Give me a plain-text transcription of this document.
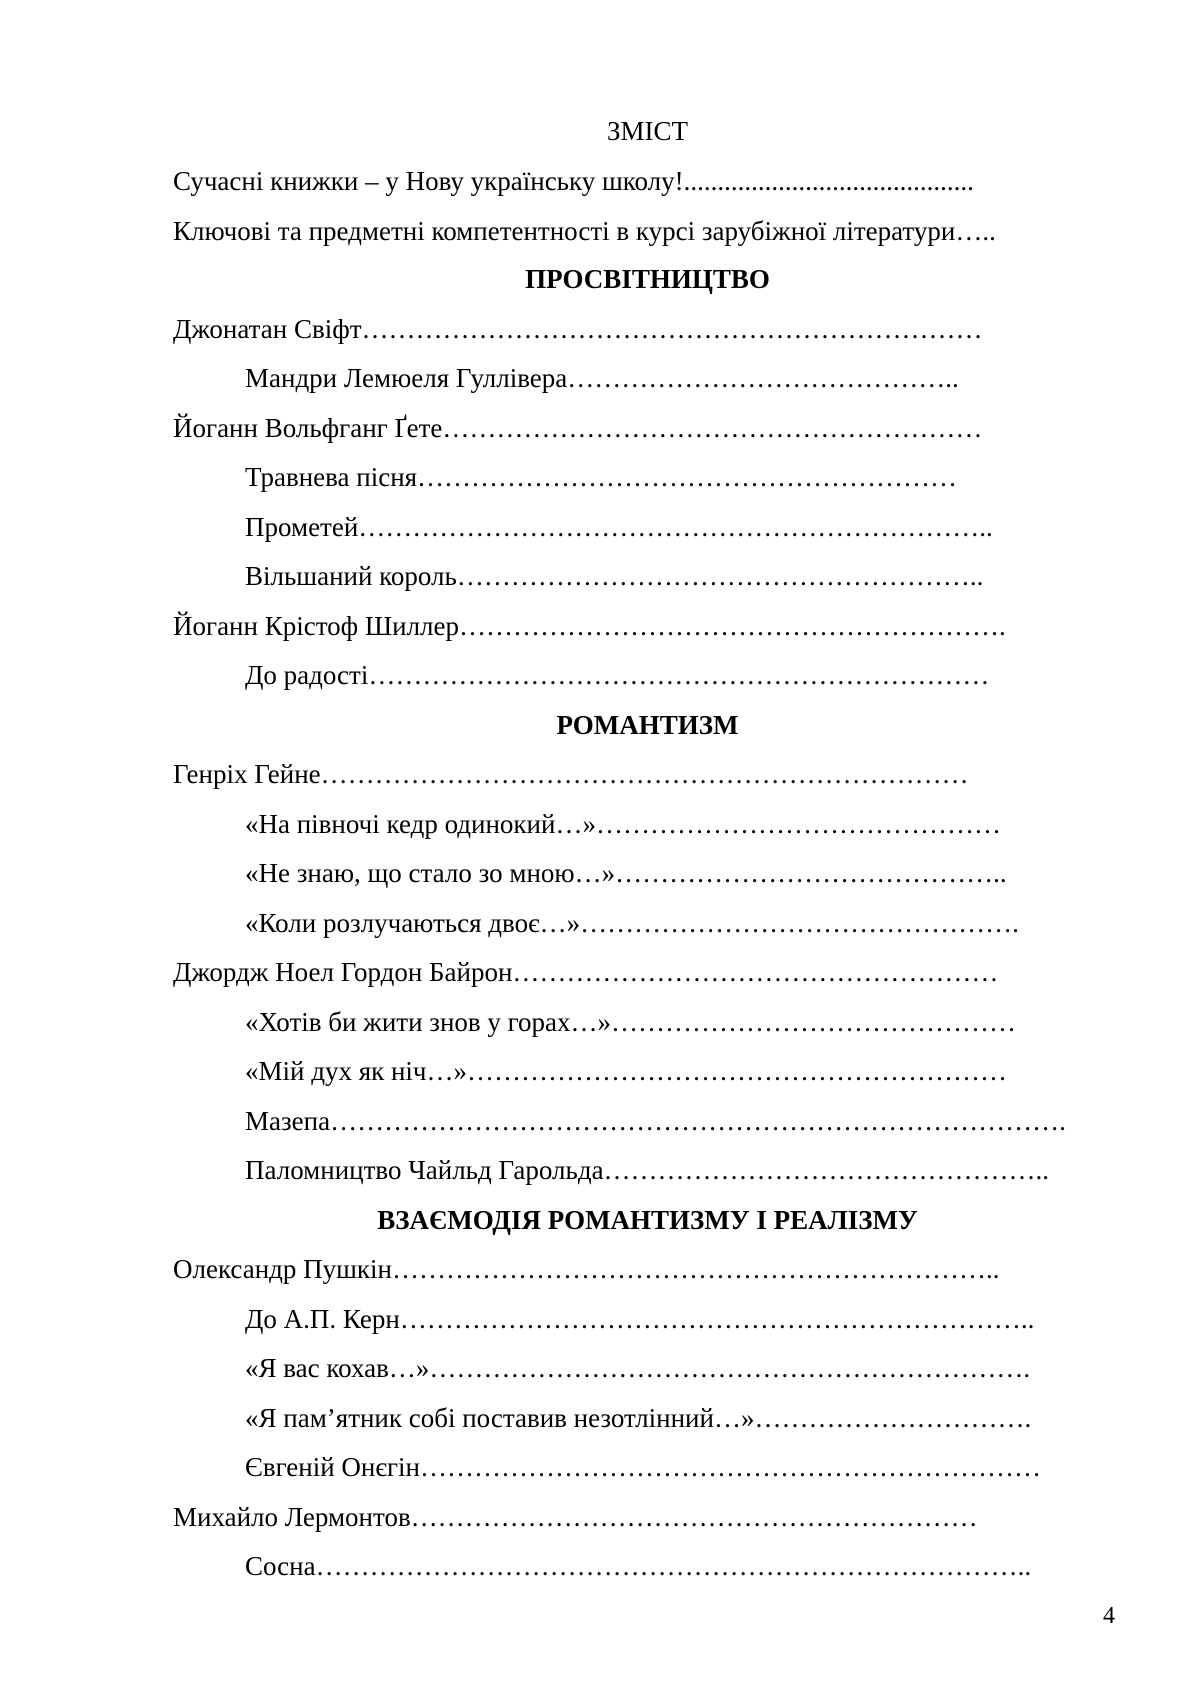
ЗМІСТ
Сучасні книжки – у Нову українську школу!...........................................
Ключові та предметні компетентності в курсі зарубіжної літератури…..
ПРОСВІТНИЦТВО
Джонатан Свіфт……………………………………………………………
Мандри Лемюеля Гуллівера……………………………………..
Йоганн Вольфганг Ґете……………………………………………………
Травнева пісня……………………………………………………
Прометей……………………………………………………………..
Вільшаний король…………………………………………………..
Йоганн Крістоф Шиллер…………………………………………………….
До радості……………………………………………………………
РОМАНТИЗМ
Генріх Гейне………………………………………………………………
«На півночі кедр одинокий…»………………………………………
«Не знаю, що стало зо мною…»……………………………………..
«Коли розлучаються двоє…»………………………………………….
Джордж Ноел Гордон Байрон………………………………………………
«Хотів би жити знов у горах…»………………………………………
«Мій дух як ніч…»……………………………………………………
Мазепа……………………………………………………………………….
Паломництво Чайльд Гарольда…………………………………………..
ВЗАЄМОДІЯ РОМАНТИЗМУ І РЕАЛІЗМУ
Олександр Пушкін…………………………………………………………..
До А.П. Керн……………………………………………………………..
«Я вас кохав…»………………………………………………………….
«Я пам’ятник собі поставив незотлінний…»………………………….
Євгеній Онєгін……………………………………………………………
Михайло Лермонтов………………………………………………………
Сосна……………………………………………………………………..
4
